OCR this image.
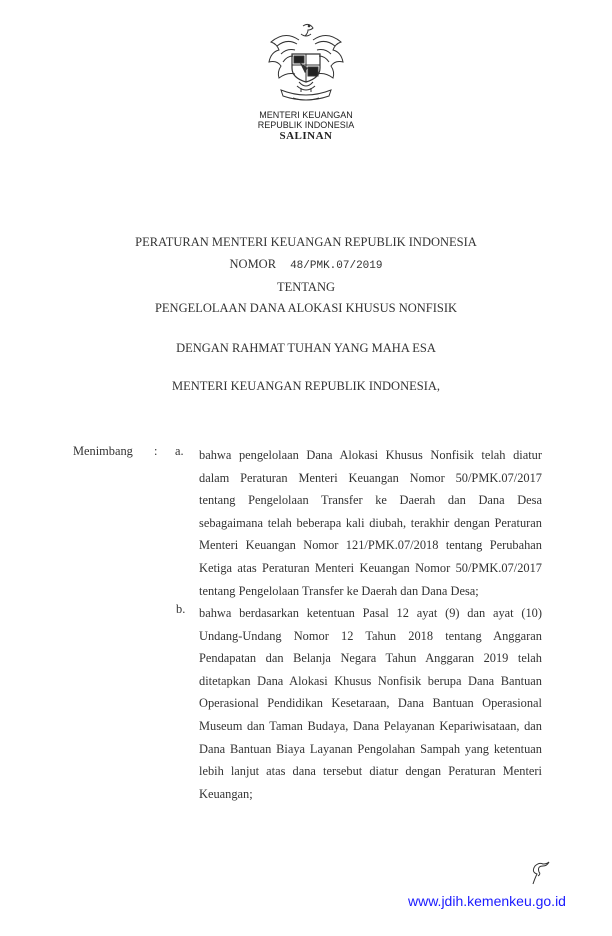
MENTERI KEUANGAN
REPUBLIK INDONESIA
SALINAN
PERATURAN MENTERI KEUANGAN REPUBLIK INDONESIA
NOMOR 48/PMK.07/2019
TENTANG
PENGELOLAAN DANA ALOKASI KHUSUS NONFISIK
DENGAN RAHMAT TUHAN YANG MAHA ESA
MENTERI KEUANGAN REPUBLIK INDONESIA,
Menimbang : a. bahwa pengelolaan Dana Alokasi Khusus Nonfisik telah diatur dalam Peraturan Menteri Keuangan Nomor 50/PMK.07/2017 tentang Pengelolaan Transfer ke Daerah dan Dana Desa sebagaimana telah beberapa kali diubah, terakhir dengan Peraturan Menteri Keuangan Nomor 121/PMK.07/2018 tentang Perubahan Ketiga atas Peraturan Menteri Keuangan Nomor 50/PMK.07/2017 tentang Pengelolaan Transfer ke Daerah dan Dana Desa;
b. bahwa berdasarkan ketentuan Pasal 12 ayat (9) dan ayat (10) Undang-Undang Nomor 12 Tahun 2018 tentang Anggaran Pendapatan dan Belanja Negara Tahun Anggaran 2019 telah ditetapkan Dana Alokasi Khusus Nonfisik berupa Dana Bantuan Operasional Pendidikan Kesetaraan, Dana Bantuan Operasional Museum dan Taman Budaya, Dana Pelayanan Kepariwisataan, dan Dana Bantuan Biaya Layanan Pengolahan Sampah yang ketentuan lebih lanjut atas dana tersebut diatur dengan Peraturan Menteri Keuangan;
www.jdih.kemenkeu.go.id
